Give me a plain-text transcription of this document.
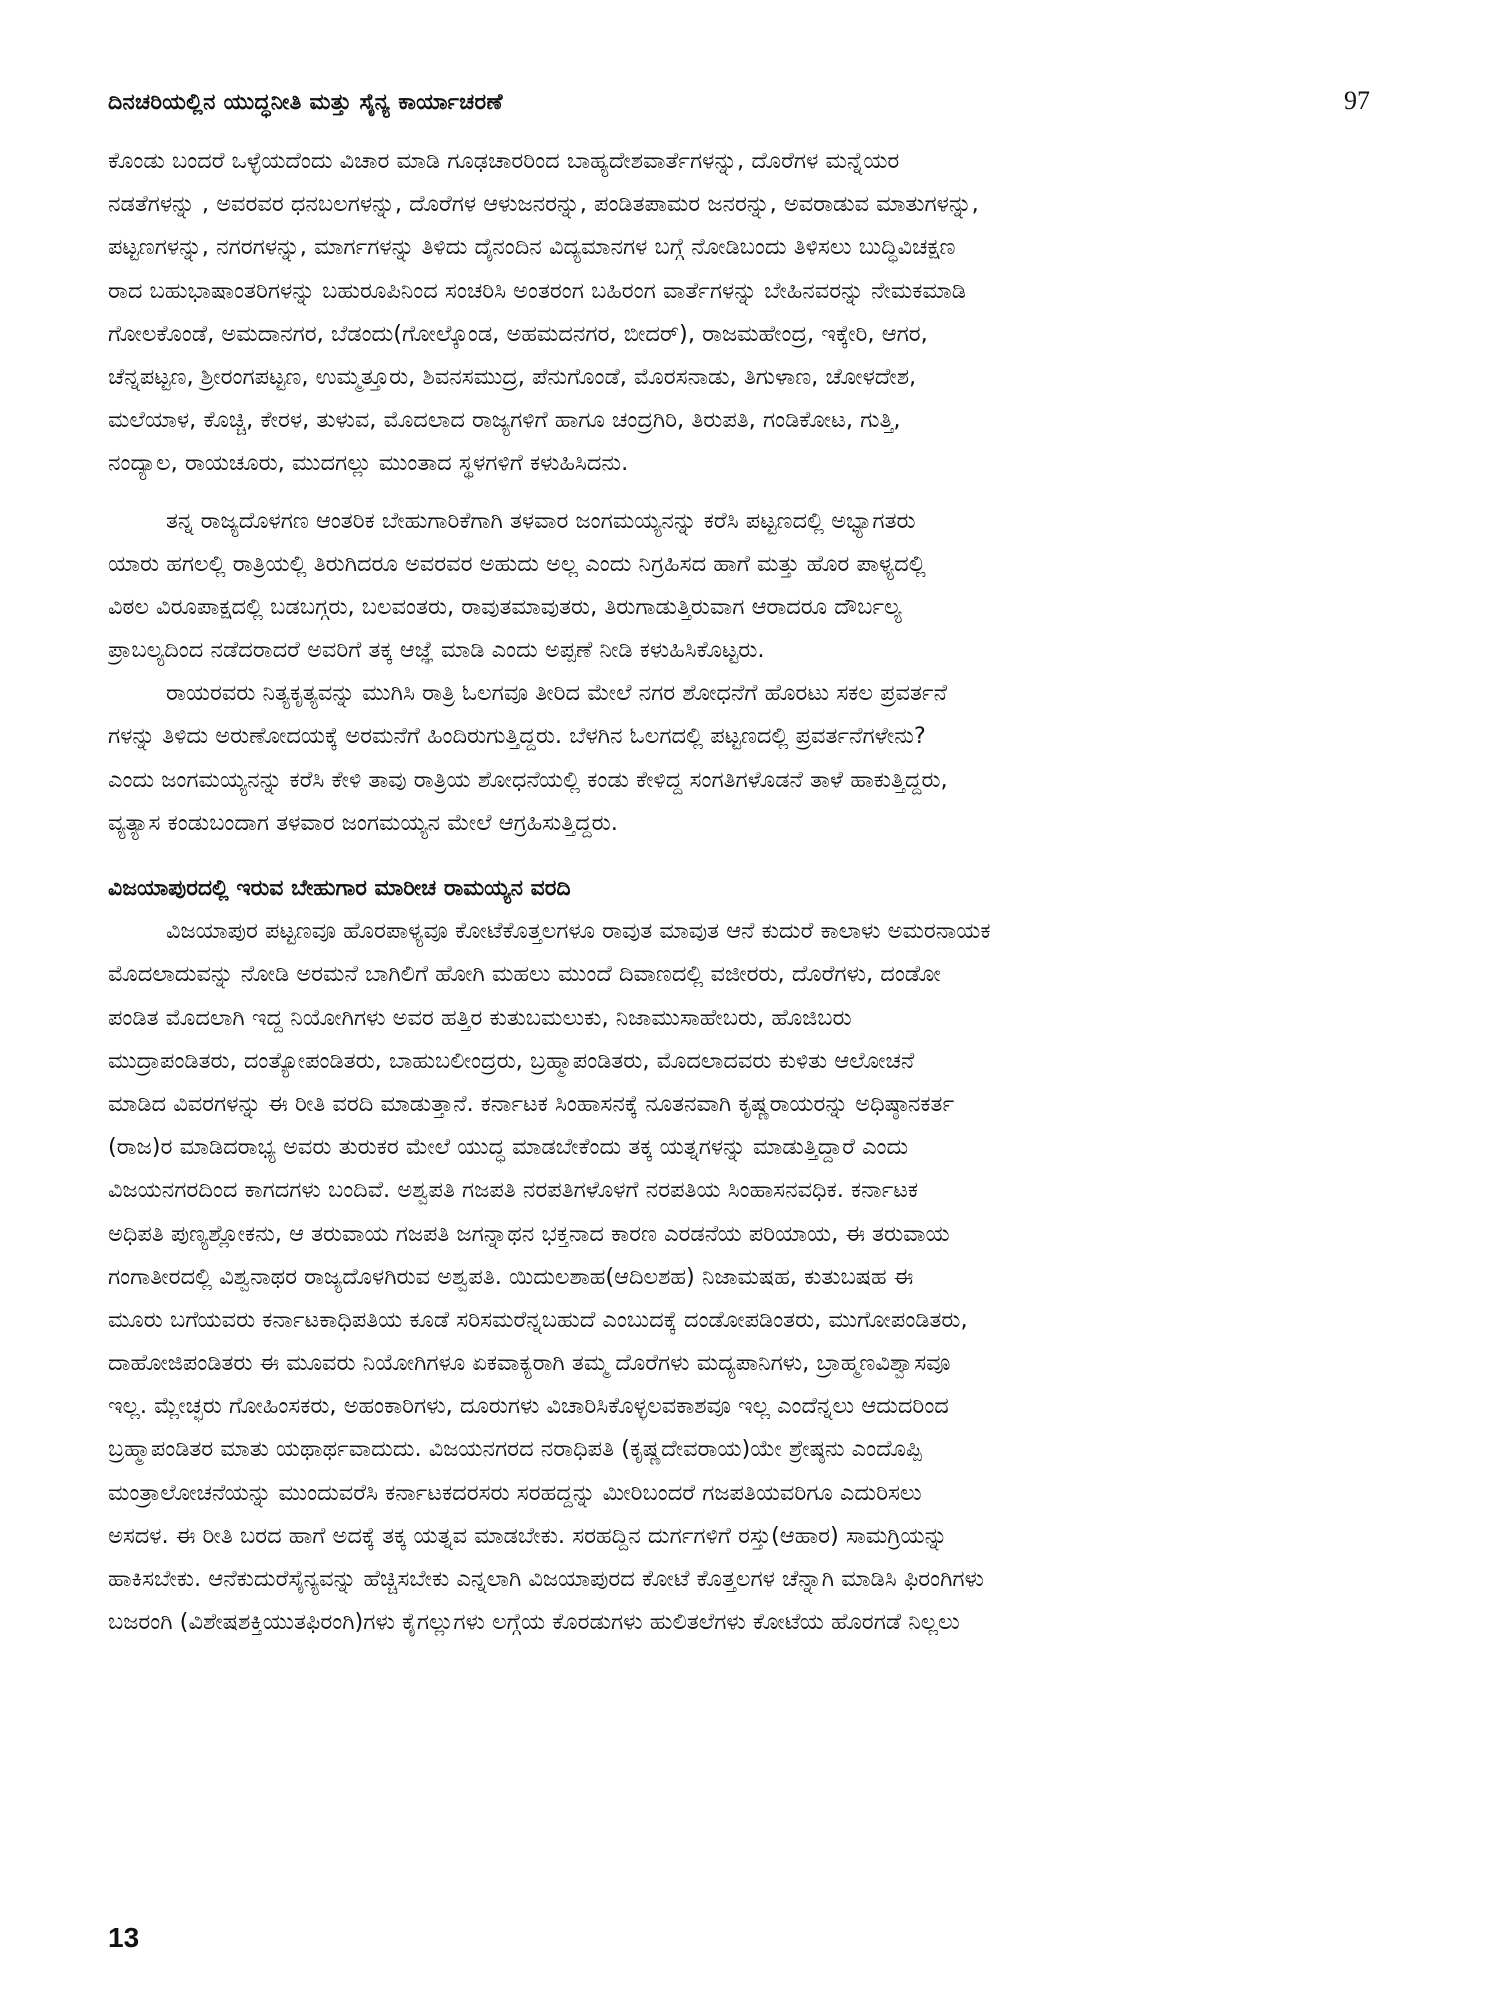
ದಿನಚರಿಯಲ್ಲಿನ ಯುದ್ಧನೀತಿ ಮತ್ತು ಸೈನ್ಯ ಕಾರ್ಯಾಚರಣೆ	97
ಕೊಂಡು ಬಂದರೆ ಒಳ್ಳೆಯದೆಂದು ವಿಚಾರ ಮಾಡಿ ಗೂಢಚಾರರಿಂದ ಬಾಹ್ಯದೇಶವಾರ್ತೆಗಳನ್ನು, ದೊರೆಗಳ ಮನ್ನೆಯರ
ನಡತೆಗಳನ್ನು , ಅವರವರ ಧನಬಲಗಳನ್ನು, ದೊರೆಗಳ ಆಳುಜನರನ್ನು, ಪಂಡಿತಪಾಮರ ಜನರನ್ನು, ಅವರಾಡುವ ಮಾತುಗಳನ್ನು,
ಪಟ್ಟಣಗಳನ್ನು, ನಗರಗಳನ್ನು, ಮಾರ್ಗಗಳನ್ನು ತಿಳಿದು ದೈನಂದಿನ ವಿದ್ಯಮಾನಗಳ ಬಗ್ಗೆ ನೋಡಿಬಂದು ತಿಳಿಸಲು ಬುದ್ಧಿವಿಚಕ್ಷಣ
ರಾದ ಬಹುಭಾಷಾಂತರಿಗಳನ್ನು ಬಹುರೂಪಿನಿಂದ ಸಂಚರಿಸಿ ಅಂತರಂಗ ಬಹಿರಂಗ ವಾರ್ತೆಗಳನ್ನು ಬೇಹಿನವರನ್ನು ನೇಮಕಮಾಡಿ
ಗೋಲಕೊಂಡೆ, ಅಮದಾನಗರ, ಬೆಡಂದು(ಗೋಲ್ಕೊಂಡ, ಅಹಮದನಗರ, ಬೀದರ್), ರಾಜಮಹೇಂದ್ರ, ಇಕ್ಕೇರಿ, ಆಗರ,
ಚೆನ್ನಪಟ್ಟಣ, ಶ್ರೀರಂಗಪಟ್ಟಣ, ಉಮ್ಮತ್ತೂರು, ಶಿವನಸಮುದ್ರ, ಪೆನುಗೊಂಡೆ, ಮೊರಸನಾಡು, ತಿಗುಳಾಣ, ಚೋಳದೇಶ,
ಮಲೆಯಾಳ, ಕೊಚ್ಚಿ, ಕೇರಳ, ತುಳುವ, ಮೊದಲಾದ ರಾಜ್ಯಗಳಿಗೆ ಹಾಗೂ ಚಂದ್ರಗಿರಿ, ತಿರುಪತಿ, ಗಂಡಿಕೋಟ, ಗುತ್ತಿ,
ನಂದ್ಯಾಲ, ರಾಯಚೂರು, ಮುದಗಲ್ಲು ಮುಂತಾದ ಸ್ಥಳಗಳಿಗೆ ಕಳುಹಿಸಿದನು.
ತನ್ನ ರಾಜ್ಯದೊಳಗಣ ಆಂತರಿಕ ಬೇಹುಗಾರಿಕೆಗಾಗಿ ತಳವಾರ ಜಂಗಮಯ್ಯನನ್ನು ಕರೆಸಿ ಪಟ್ಟಣದಲ್ಲಿ ಅಭ್ಯಾಗತರು
ಯಾರು ಹಗಲಲ್ಲಿ ರಾತ್ರಿಯಲ್ಲಿ ತಿರುಗಿದರೂ ಅವರವರ ಅಹುದು ಅಲ್ಲ ಎಂದು ನಿಗ್ರಹಿಸದ ಹಾಗೆ ಮತ್ತು ಹೊರ ಪಾಳ್ಯದಲ್ಲಿ
ವಿಠಲ ವಿರೂಪಾಕ್ಷದಲ್ಲಿ ಬಡಬಗ್ಗರು, ಬಲವಂತರು, ರಾವುತಮಾವುತರು, ತಿರುಗಾಡುತ್ತಿರುವಾಗ ಆರಾದರೂ ದೌರ್ಬಲ್ಯ
ಪ್ರಾಬಲ್ಯದಿಂದ ನಡೆದರಾದರೆ ಅವರಿಗೆ ತಕ್ಕ ಆಜ್ಞೆ ಮಾಡಿ ಎಂದು ಅಪ್ಪಣೆ ನೀಡಿ ಕಳುಹಿಸಿಕೊಟ್ಟರು.
ರಾಯರವರು ನಿತ್ಯಕೃತ್ಯವನ್ನು ಮುಗಿಸಿ ರಾತ್ರಿ ಓಲಗವೂ ತೀರಿದ ಮೇಲೆ ನಗರ ಶೋಧನೆಗೆ ಹೊರಟು ಸಕಲ ಪ್ರವರ್ತನೆ
ಗಳನ್ನು ತಿಳಿದು ಅರುಣೋದಯಕ್ಕೆ ಅರಮನೆಗೆ ಹಿಂದಿರುಗುತ್ತಿದ್ದರು. ಬೆಳಗಿನ ಓಲಗದಲ್ಲಿ ಪಟ್ಟಣದಲ್ಲಿ ಪ್ರವರ್ತನೆಗಳೇನು?
ಎಂದು ಜಂಗಮಯ್ಯನನ್ನು ಕರೆಸಿ ಕೇಳಿ ತಾವು ರಾತ್ರಿಯ ಶೋಧನೆಯಲ್ಲಿ ಕಂಡು ಕೇಳಿದ್ದ ಸಂಗತಿಗಳೊಡನೆ ತಾಳೆ ಹಾಕುತ್ತಿದ್ದರು,
ವ್ಯತ್ಯಾಸ ಕಂಡುಬಂದಾಗ ತಳವಾರ ಜಂಗಮಯ್ಯನ ಮೇಲೆ ಆಗ್ರಹಿಸುತ್ತಿದ್ದರು.
ವಿಜಯಾಪುರದಲ್ಲಿ ಇರುವ ಬೇಹುಗಾರ ಮಾರೀಚ ರಾಮಯ್ಯನ ವರದಿ
ವಿಜಯಾಪುರ ಪಟ್ಟಣವೂ ಹೊರಪಾಳ್ಯವೂ ಕೋಟೆಕೊತ್ತಲಗಳೂ ರಾವುತ ಮಾವುತ ಆನೆ ಕುದುರೆ ಕಾಲಾಳು ಅಮರನಾಯಕ
ಮೊದಲಾದುವನ್ನು ನೋಡಿ ಅರಮನೆ ಬಾಗಿಲಿಗೆ ಹೋಗಿ ಮಹಲು ಮುಂದೆ ದಿವಾಣದಲ್ಲಿ ವಜೀರರು, ದೊರೆಗಳು, ದಂಡೋ
ಪಂಡಿತ ಮೊದಲಾಗಿ ಇದ್ದ ನಿಯೋಗಿಗಳು ಅವರ ಹತ್ತಿರ ಕುತುಬಮಲುಕು, ನಿಜಾಮುಸಾಹೇಬರು, ಹೊಜಿಬರು
ಮುದ್ರಾಪಂಡಿತರು, ದಂತ್ಯೋಪಂಡಿತರು, ಬಾಹುಬಲೀಂದ್ರರು, ಬ್ರಹ್ಮಾಪಂಡಿತರು, ಮೊದಲಾದವರು ಕುಳಿತು ಆಲೋಚನೆ
ಮಾಡಿದ ವಿವರಗಳನ್ನು ಈ ರೀತಿ ವರದಿ ಮಾಡುತ್ತಾನೆ. ಕರ್ನಾಟಕ ಸಿಂಹಾಸನಕ್ಕೆ ನೂತನವಾಗಿ ಕೃಷ್ಣರಾಯರನ್ನು ಅಧಿಷ್ಠಾನಕರ್ತ
(ರಾಜ)ರ ಮಾಡಿದರಾಭ್ಯ ಅವರು ತುರುಕರ ಮೇಲೆ ಯುದ್ಧ ಮಾಡಬೇಕೆಂದು ತಕ್ಕ ಯತ್ನಗಳನ್ನು ಮಾಡುತ್ತಿದ್ದಾರೆ ಎಂದು
ವಿಜಯನಗರದಿಂದ ಕಾಗದಗಳು ಬಂದಿವೆ. ಅಶ್ವಪತಿ ಗಜಪತಿ ನರಪತಿಗಳೊಳಗೆ ನರಪತಿಯ ಸಿಂಹಾಸನವಧಿಕ. ಕರ್ನಾಟಕ
ಅಧಿಪತಿ ಪುಣ್ಯಶ್ಲೋಕನು, ಆ ತರುವಾಯ ಗಜಪತಿ ಜಗನ್ನಾಥನ ಭಕ್ತನಾದ ಕಾರಣ ಎರಡನೆಯ ಪರಿಯಾಯ, ಈ ತರುವಾಯ
ಗಂಗಾತೀರದಲ್ಲಿ ವಿಶ್ವನಾಥರ ರಾಜ್ಯದೊಳಗಿರುವ ಅಶ್ವಪತಿ. ಯಿದುಲಶಾಹ(ಆದಿಲಶಹ) ನಿಜಾಮಷಹ, ಕುತುಬಷಹ ಈ
ಮೂರು ಬಗೆಯವರು ಕರ್ನಾಟಕಾಧಿಪತಿಯ ಕೂಡೆ ಸರಿಸಮರೆನ್ನಬಹುದೆ ಎಂಬುದಕ್ಕೆ ದಂಡೋಪಡಿಂತರು, ಮುಗೋಪಂಡಿತರು,
ದಾಹೋಜಿಪಂಡಿತರು ಈ ಮೂವರು ನಿಯೋಗಿಗಳೂ ಏಕವಾಕ್ಯರಾಗಿ ತಮ್ಮ ದೊರೆಗಳು ಮದ್ಯಪಾನಿಗಳು, ಬ್ರಾಹ್ಮಣವಿಶ್ವಾಸವೂ
ಇಲ್ಲ. ಮ್ಲೇಚ್ಛರು ಗೋಹಿಂಸಕರು, ಅಹಂಕಾರಿಗಳು, ದೂರುಗಳು ವಿಚಾರಿಸಿಕೊಳ್ಳಲವಕಾಶವೂ ಇಲ್ಲ ಎಂದೆನ್ನಲು ಆದುದರಿಂದ
ಬ್ರಹ್ಮಾಪಂಡಿತರ ಮಾತು ಯಥಾರ್ಥವಾದುದು. ವಿಜಯನಗರದ ನರಾಧಿಪತಿ (ಕೃಷ್ಣದೇವರಾಯ)ಯೇ ಶ್ರೇಷ್ಠನು ಎಂದೊಪ್ಪಿ
ಮಂತ್ರಾಲೋಚನೆಯನ್ನು ಮುಂದುವರೆಸಿ ಕರ್ನಾಟಕದರಸರು ಸರಹದ್ದನ್ನು ಮೀರಿಬಂದರೆ ಗಜಪತಿಯವರಿಗೂ ಎದುರಿಸಲು
ಅಸದಳ. ಈ ರೀತಿ ಬರದ ಹಾಗೆ ಅದಕ್ಕೆ ತಕ್ಕ ಯತ್ನವ ಮಾಡಬೇಕು. ಸರಹದ್ದಿನ ದುರ್ಗಗಳಿಗೆ ರಸ್ತು(ಆಹಾರ) ಸಾಮಗ್ರಿಯನ್ನು
ಹಾಕಿಸಬೇಕು. ಆನೆಕುದುರೆಸೈನ್ಯವನ್ನು ಹೆಚ್ಚಿಸಬೇಕು ಎನ್ನಲಾಗಿ ವಿಜಯಾಪುರದ ಕೋಟೆ ಕೊತ್ತಲಗಳ ಚೆನ್ನಾಗಿ ಮಾಡಿಸಿ ಫಿರಂಗಿಗಳು
ಬಜರಂಗಿ (ವಿಶೇಷಶಕ್ತಿಯುತಫಿರಂಗಿ)ಗಳು ಕೈಗಲ್ಲುಗಳು ಲಗ್ಗೆಯ ಕೊರಡುಗಳು ಹುಲಿತಲೆಗಳು ಕೋಟೆಯ ಹೊರಗಡೆ ನಿಲ್ಲಲು
13
